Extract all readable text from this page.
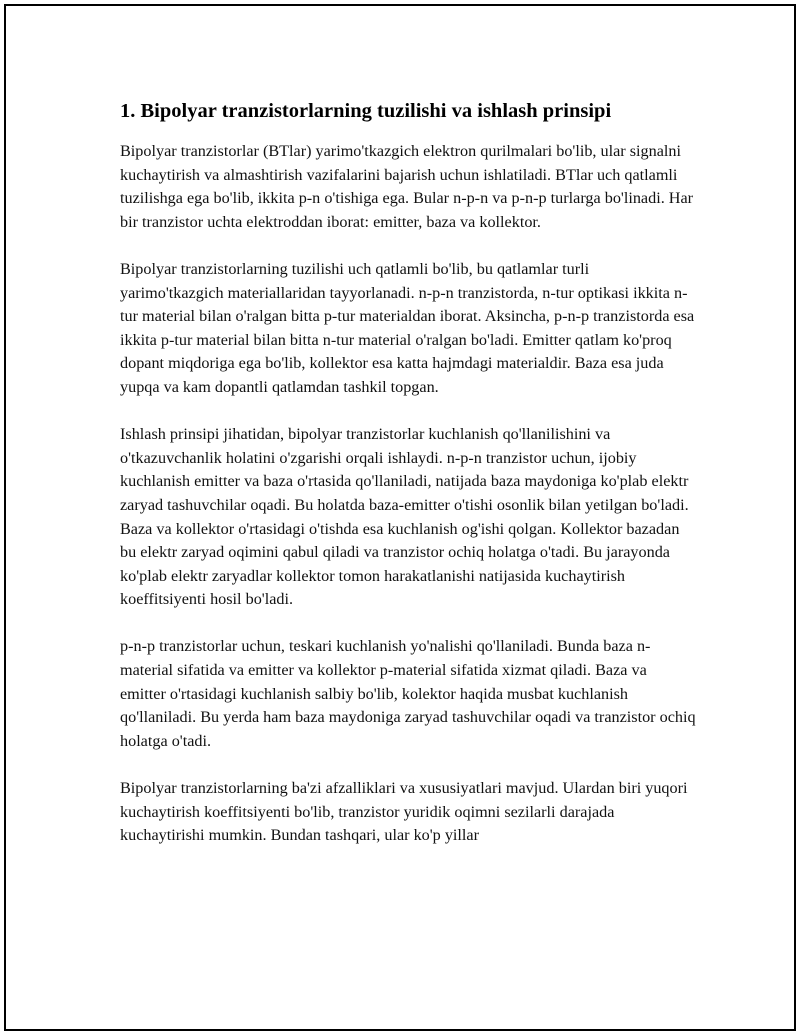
1. Bipolyar tranzistorlarning tuzilishi va ishlash prinsipi

Bipolyar tranzistorlar (BTlar) yarimo'tkazgich elektron qurilmalari bo'lib, ular signalni kuchaytirish va almashtirish vazifalarini bajarish uchun ishlatiladi. BTlar uch qatlamli tuzilishga ega bo'lib, ikkita p-n o'tishiga ega. Bular n-p-n va p-n-p turlarga bo'linadi. Har bir tranzistor uchta elektroddan iborat: emitter, baza va kollektor.

Bipolyar tranzistorlarning tuzilishi uch qatlamli bo'lib, bu qatlamlar turli yarimo'tkazgich materiallaridan tayyorlanadi. n-p-n tranzistorda, n-tur optikasi ikkita n-tur material bilan o'ralgan bitta p-tur materialdan iborat. Aksincha, p-n-p tranzistorda esa ikkita p-tur material bilan bitta n-tur material o'ralgan bo'ladi. Emitter qatlam ko'proq dopant miqdoriga ega bo'lib, kollektor esa katta hajmdagi materialdir. Baza esa juda yupqa va kam dopantli qatlamdan tashkil topgan.

Ishlash prinsipi jihatidan, bipolyar tranzistorlar kuchlanish qo'llanilishini va o'tkazuvchanlik holatini o'zgarishi orqali ishlaydi. n-p-n tranzistor uchun, ijobiy kuchlanish emitter va baza o'rtasida qo'llaniladi, natijada baza maydoniga ko'plab elektr zaryad tashuvchilar oqadi. Bu holatda baza-emitter o'tishi osonlik bilan yetilgan bo'ladi. Baza va kollektor o'rtasidagi o'tishda esa kuchlanish og'ishi qolgan. Kollektor bazadan bu elektr zaryad oqimini qabul qiladi va tranzistor ochiq holatga o'tadi. Bu jarayonda ko'plab elektr zaryadlar kollektor tomon harakatlanishi natijasida kuchaytirish koeffitsiyenti hosil bo'ladi.

p-n-p tranzistorlar uchun, teskari kuchlanish yo'nalishi qo'llaniladi. Bunda baza n-material sifatida va emitter va kollektor p-material sifatida xizmat qiladi. Baza va emitter o'rtasidagi kuchlanish salbiy bo'lib, kolektor haqida musbat kuchlanish qo'llaniladi. Bu yerda ham baza maydoniga zaryad tashuvchilar oqadi va tranzistor ochiq holatga o'tadi.

Bipolyar tranzistorlarning ba'zi afzalliklari va xususiyatlari mavjud. Ulardan biri yuqori kuchaytirish koeffitsiyenti bo'lib, tranzistor yuridik oqimni sezilarli darajada kuchaytirishi mumkin. Bundan tashqari, ular ko'p yillar
